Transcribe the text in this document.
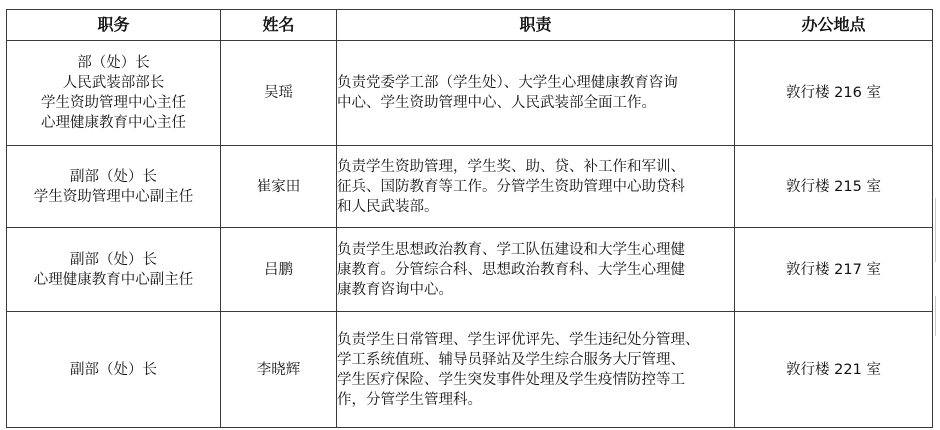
职务	姓名	职责	办公地点

部（处）长
人民武装部部长
学生资助管理中心主任
心理健康教育中心主任	吴瑶	负责党委学工部（学生处）、大学生心理健康教育咨询
中心、学生资助管理中心、人民武装部全面工作。	敦行楼 216 室

副部（处）长
学生资助管理中心副主任	崔家田	负责学生资助管理，学生奖、助、贷、补工作和军训、
征兵、国防教育等工作。分管学生资助管理中心助贷科
和人民武装部。	敦行楼 215 室

副部（处）长
心理健康教育中心副主任	吕鹏	负责学生思想政治教育、学工队伍建设和大学生心理健
康教育。分管综合科、思想政治教育科、大学生心理健
康教育咨询中心。	敦行楼 217 室

副部（处）长	李晓辉	负责学生日常管理、学生评优评先、学生违纪处分管理、
学工系统值班、辅导员驿站及学生综合服务大厅管理、
学生医疗保险、学生突发事件处理及学生疫情防控等工
作，分管学生管理科。	敦行楼 221 室
